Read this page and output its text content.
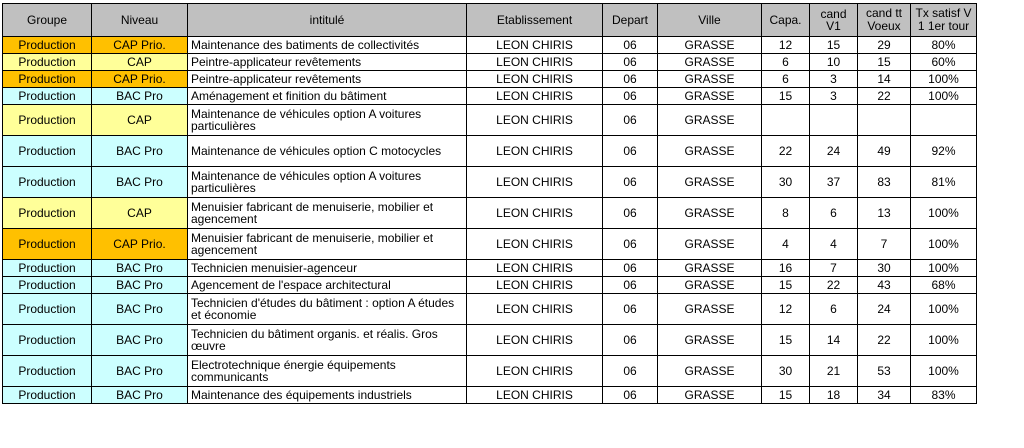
Groupe	Niveau	intitulé	Etablissement	Depart	Ville	Capa.	cand V1	cand tt Voeux	Tx satisf V 1 1er tour
Production	CAP Prio.	Maintenance des batiments de collectivités	LEON CHIRIS	06	GRASSE	12	15	29	80%
Production	CAP	Peintre-applicateur revêtements	LEON CHIRIS	06	GRASSE	6	10	15	60%
Production	CAP Prio.	Peintre-applicateur revêtements	LEON CHIRIS	06	GRASSE	6	3	14	100%
Production	BAC Pro	Aménagement et finition du bâtiment	LEON CHIRIS	06	GRASSE	15	3	22	100%
Production	CAP	Maintenance de véhicules option A voitures particulières	LEON CHIRIS	06	GRASSE				
Production	BAC Pro	Maintenance de véhicules option C motocycles	LEON CHIRIS	06	GRASSE	22	24	49	92%
Production	BAC Pro	Maintenance de véhicules option A voitures particulières	LEON CHIRIS	06	GRASSE	30	37	83	81%
Production	CAP	Menuisier fabricant de menuiserie, mobilier et agencement	LEON CHIRIS	06	GRASSE	8	6	13	100%
Production	CAP Prio.	Menuisier fabricant de menuiserie, mobilier et agencement	LEON CHIRIS	06	GRASSE	4	4	7	100%
Production	BAC Pro	Technicien menuisier-agenceur	LEON CHIRIS	06	GRASSE	16	7	30	100%
Production	BAC Pro	Agencement de l'espace architectural	LEON CHIRIS	06	GRASSE	15	22	43	68%
Production	BAC Pro	Technicien d'études du bâtiment : option A études et économie	LEON CHIRIS	06	GRASSE	12	6	24	100%
Production	BAC Pro	Technicien du bâtiment organis. et réalis. Gros œuvre	LEON CHIRIS	06	GRASSE	15	14	22	100%
Production	BAC Pro	Electrotechnique énergie équipements communicants	LEON CHIRIS	06	GRASSE	30	21	53	100%
Production	BAC Pro	Maintenance des équipements industriels	LEON CHIRIS	06	GRASSE	15	18	34	83%
